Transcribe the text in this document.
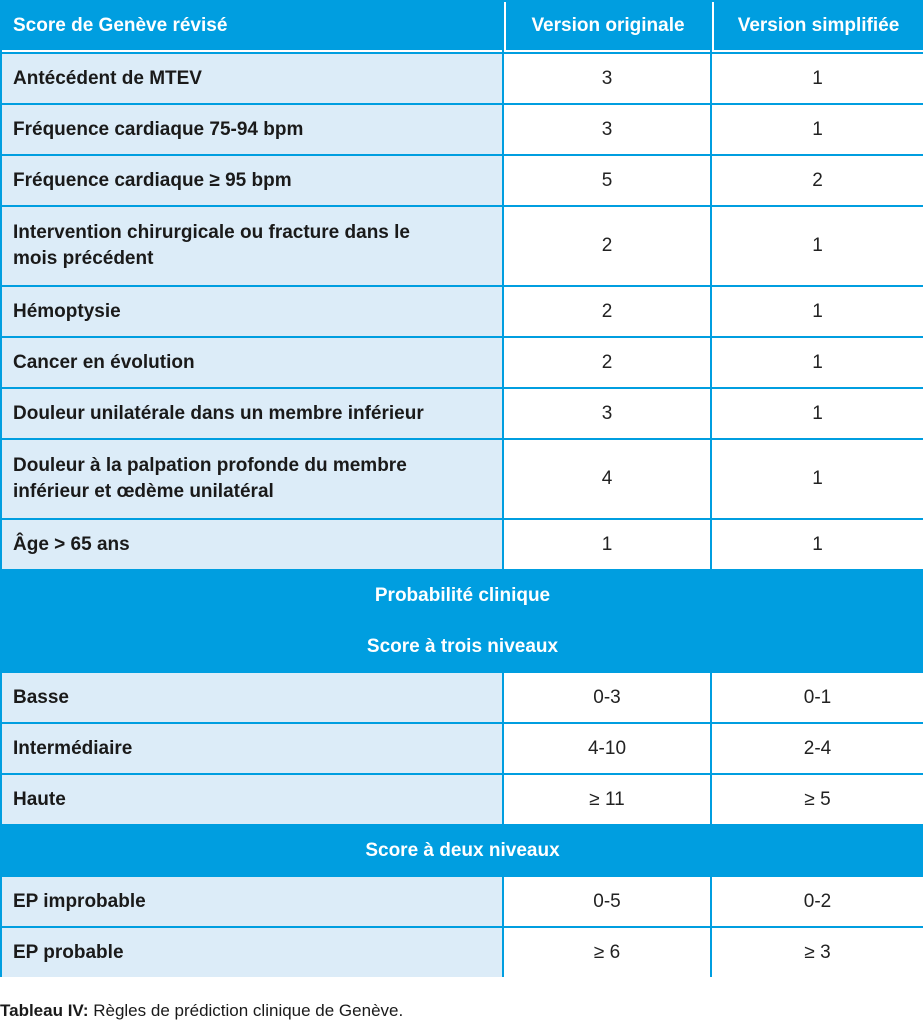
Score de Genève révisé	Version originale	Version simplifiée
Antécédent de MTEV	3	1
Fréquence cardiaque 75-94 bpm	3	1
Fréquence cardiaque ≥ 95 bpm	5	2
Intervention chirurgicale ou fracture dans le mois précédent	2	1
Hémoptysie	2	1
Cancer en évolution	2	1
Douleur unilatérale dans un membre inférieur	3	1
Douleur à la palpation profonde du membre inférieur et œdème unilatéral	4	1
Âge > 65 ans	1	1
Probabilité clinique		
Score à trois niveaux		
Basse	0-3	0-1
Intermédiaire	4-10	2-4
Haute	≥ 11	≥ 5
Score à deux niveaux		
EP improbable	0-5	0-2
EP probable	≥ 6	≥ 3
Tableau IV: Règles de prédiction clinique de Genève.
